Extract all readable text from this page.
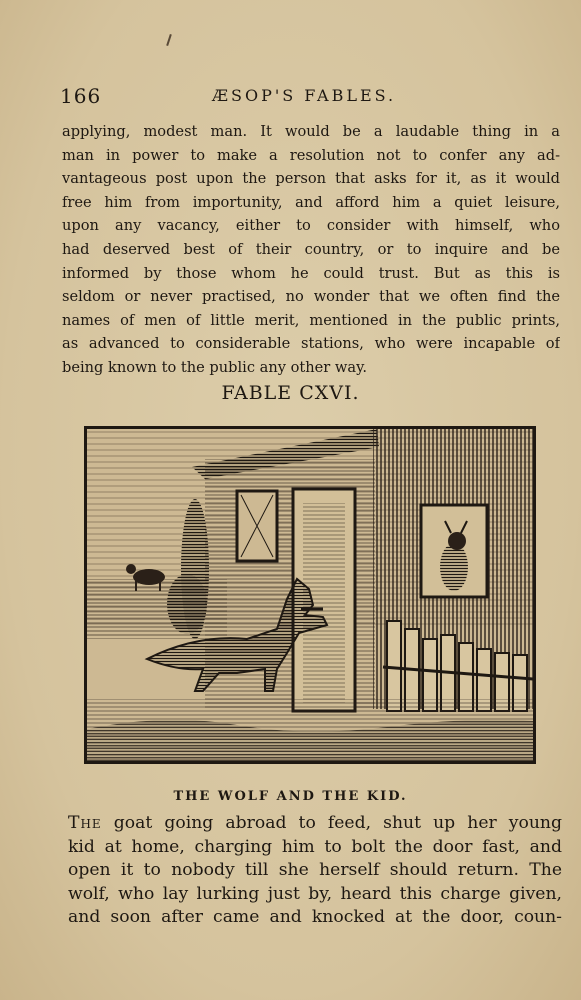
166	ÆSOP'S FABLES.
applying, modest man. It would be a laudable thing in a
man in power to make a resolution not to confer any ad-
vantageous post upon the person that asks for it, as it would
free him from importunity, and afford him a quiet leisure,
upon any vacancy, either to consider with himself, who
had deserved best of their country, or to inquire and be
informed by those whom he could trust. But as this is
seldom or never practised, no wonder that we often find the
names of men of little merit, mentioned in the public prints,
as advanced to considerable stations, who were incapable of
being known to the public any other way.
FABLE CXVI.
THE WOLF AND THE KID.
The goat going abroad to feed, shut up her young
kid at home, charging him to bolt the door fast, and
open it to nobody till she herself should return. The
wolf, who lay lurking just by, heard this charge given,
and soon after came and knocked at the door, coun-
